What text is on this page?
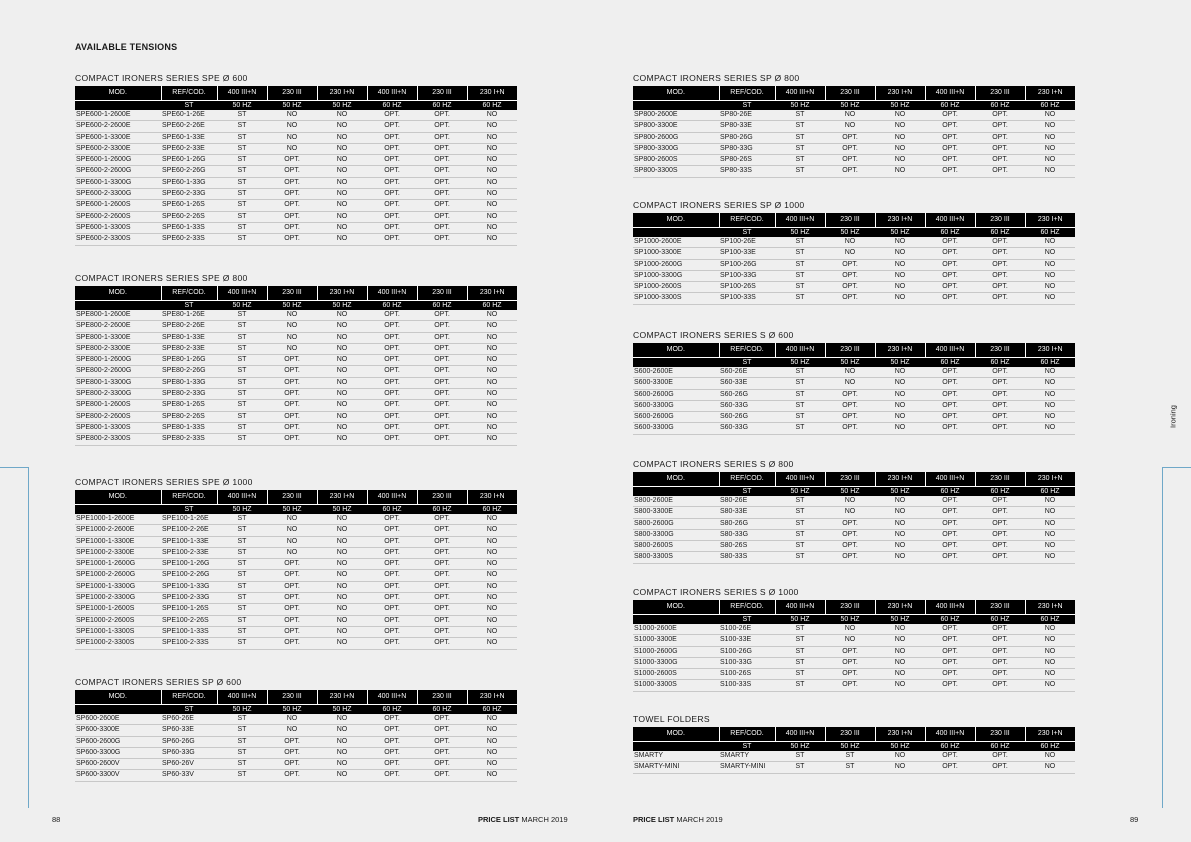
AVAILABLE TENSIONS
COMPACT IRONERS SERIES SPE Ø 600
MOD.	REF/COD.	400 III+N	230 III	230 I+N	400 III+N	230 III	230 I+N
	ST	50 HZ	50 HZ	50 HZ	60 HZ	60 HZ	60 HZ
SPE600-1-2600E	SPE60-1-26E	ST	NO	NO	OPT.	OPT.	NO
SPE600-2-2600E	SPE60-2-26E	ST	NO	NO	OPT.	OPT.	NO
SPE600-1-3300E	SPE60-1-33E	ST	NO	NO	OPT.	OPT.	NO
SPE600-2-3300E	SPE60-2-33E	ST	NO	NO	OPT.	OPT.	NO
SPE600-1-2600G	SPE60-1-26G	ST	OPT.	NO	OPT.	OPT.	NO
SPE600-2-2600G	SPE60-2-26G	ST	OPT.	NO	OPT.	OPT.	NO
SPE600-1-3300G	SPE60-1-33G	ST	OPT.	NO	OPT.	OPT.	NO
SPE600-2-3300G	SPE60-2-33G	ST	OPT.	NO	OPT.	OPT.	NO
SPE600-1-2600S	SPE60-1-26S	ST	OPT.	NO	OPT.	OPT.	NO
SPE600-2-2600S	SPE60-2-26S	ST	OPT.	NO	OPT.	OPT.	NO
SPE600-1-3300S	SPE60-1-33S	ST	OPT.	NO	OPT.	OPT.	NO
SPE600-2-3300S	SPE60-2-33S	ST	OPT.	NO	OPT.	OPT.	NO
COMPACT IRONERS SERIES SPE Ø 800
MOD.	REF/COD.	400 III+N	230 III	230 I+N	400 III+N	230 III	230 I+N
	ST	50 HZ	50 HZ	50 HZ	60 HZ	60 HZ	60 HZ
SPE800-1-2600E	SPE80-1-26E	ST	NO	NO	OPT.	OPT.	NO
SPE800-2-2600E	SPE80-2-26E	ST	NO	NO	OPT.	OPT.	NO
SPE800-1-3300E	SPE80-1-33E	ST	NO	NO	OPT.	OPT.	NO
SPE800-2-3300E	SPE80-2-33E	ST	NO	NO	OPT.	OPT.	NO
SPE800-1-2600G	SPE80-1-26G	ST	OPT.	NO	OPT.	OPT.	NO
SPE800-2-2600G	SPE80-2-26G	ST	OPT.	NO	OPT.	OPT.	NO
SPE800-1-3300G	SPE80-1-33G	ST	OPT.	NO	OPT.	OPT.	NO
SPE800-2-3300G	SPE80-2-33G	ST	OPT.	NO	OPT.	OPT.	NO
SPE800-1-2600S	SPE80-1-26S	ST	OPT.	NO	OPT.	OPT.	NO
SPE800-2-2600S	SPE80-2-26S	ST	OPT.	NO	OPT.	OPT.	NO
SPE800-1-3300S	SPE80-1-33S	ST	OPT.	NO	OPT.	OPT.	NO
SPE800-2-3300S	SPE80-2-33S	ST	OPT.	NO	OPT.	OPT.	NO
COMPACT IRONERS SERIES SPE Ø 1000
MOD.	REF/COD.	400 III+N	230 III	230 I+N	400 III+N	230 III	230 I+N
	ST	50 HZ	50 HZ	50 HZ	60 HZ	60 HZ	60 HZ
SPE1000-1-2600E	SPE100-1-26E	ST	NO	NO	OPT.	OPT.	NO
SPE1000-2-2600E	SPE100-2-26E	ST	NO	NO	OPT.	OPT.	NO
SPE1000-1-3300E	SPE100-1-33E	ST	NO	NO	OPT.	OPT.	NO
SPE1000-2-3300E	SPE100-2-33E	ST	NO	NO	OPT.	OPT.	NO
SPE1000-1-2600G	SPE100-1-26G	ST	OPT.	NO	OPT.	OPT.	NO
SPE1000-2-2600G	SPE100-2-26G	ST	OPT.	NO	OPT.	OPT.	NO
SPE1000-1-3300G	SPE100-1-33G	ST	OPT.	NO	OPT.	OPT.	NO
SPE1000-2-3300G	SPE100-2-33G	ST	OPT.	NO	OPT.	OPT.	NO
SPE1000-1-2600S	SPE100-1-26S	ST	OPT.	NO	OPT.	OPT.	NO
SPE1000-2-2600S	SPE100-2-26S	ST	OPT.	NO	OPT.	OPT.	NO
SPE1000-1-3300S	SPE100-1-33S	ST	OPT.	NO	OPT.	OPT.	NO
SPE1000-2-3300S	SPE100-2-33S	ST	OPT.	NO	OPT.	OPT.	NO
COMPACT IRONERS SERIES SP Ø 600
MOD.	REF/COD.	400 III+N	230 III	230 I+N	400 III+N	230 III	230 I+N
	ST	50 HZ	50 HZ	50 HZ	60 HZ	60 HZ	60 HZ
SP600-2600E	SP60-26E	ST	NO	NO	OPT.	OPT.	NO
SP600-3300E	SP60-33E	ST	NO	NO	OPT.	OPT.	NO
SP600-2600G	SP60-26G	ST	OPT.	NO	OPT.	OPT.	NO
SP600-3300G	SP60-33G	ST	OPT.	NO	OPT.	OPT.	NO
SP600-2600V	SP60-26V	ST	OPT.	NO	OPT.	OPT.	NO
SP600-3300V	SP60-33V	ST	OPT.	NO	OPT.	OPT.	NO
88	PRICE LIST MARCH 2019
COMPACT IRONERS SERIES SP Ø 800
MOD.	REF/COD.	400 III+N	230 III	230 I+N	400 III+N	230 III	230 I+N
	ST	50 HZ	50 HZ	50 HZ	60 HZ	60 HZ	60 HZ
SP800-2600E	SP80-26E	ST	NO	NO	OPT.	OPT.	NO
SP800-3300E	SP80-33E	ST	NO	NO	OPT.	OPT.	NO
SP800-2600G	SP80-26G	ST	OPT.	NO	OPT.	OPT.	NO
SP800-3300G	SP80-33G	ST	OPT.	NO	OPT.	OPT.	NO
SP800-2600S	SP80-26S	ST	OPT.	NO	OPT.	OPT.	NO
SP800-3300S	SP80-33S	ST	OPT.	NO	OPT.	OPT.	NO
COMPACT IRONERS SERIES SP Ø 1000
MOD.	REF/COD.	400 III+N	230 III	230 I+N	400 III+N	230 III	230 I+N
	ST	50 HZ	50 HZ	50 HZ	60 HZ	60 HZ	60 HZ
SP1000-2600E	SP100-26E	ST	NO	NO	OPT.	OPT.	NO
SP1000-3300E	SP100-33E	ST	NO	NO	OPT.	OPT.	NO
SP1000-2600G	SP100-26G	ST	OPT.	NO	OPT.	OPT.	NO
SP1000-3300G	SP100-33G	ST	OPT.	NO	OPT.	OPT.	NO
SP1000-2600S	SP100-26S	ST	OPT.	NO	OPT.	OPT.	NO
SP1000-3300S	SP100-33S	ST	OPT.	NO	OPT.	OPT.	NO
COMPACT IRONERS SERIES S Ø 600
MOD.	REF/COD.	400 III+N	230 III	230 I+N	400 III+N	230 III	230 I+N
	ST	50 HZ	50 HZ	50 HZ	60 HZ	60 HZ	60 HZ
S600-2600E	S60-26E	ST	NO	NO	OPT.	OPT.	NO
S600-3300E	S60-33E	ST	NO	NO	OPT.	OPT.	NO
S600-2600G	S60-26G	ST	OPT.	NO	OPT.	OPT.	NO
S600-3300G	S60-33G	ST	OPT.	NO	OPT.	OPT.	NO
S600-2600G	S60-26G	ST	OPT.	NO	OPT.	OPT.	NO
S600-3300G	S60-33G	ST	OPT.	NO	OPT.	OPT.	NO
COMPACT IRONERS SERIES S Ø 800
MOD.	REF/COD.	400 III+N	230 III	230 I+N	400 III+N	230 III	230 I+N
	ST	50 HZ	50 HZ	50 HZ	60 HZ	60 HZ	60 HZ
S800-2600E	S80-26E	ST	NO	NO	OPT.	OPT.	NO
S800-3300E	S80-33E	ST	NO	NO	OPT.	OPT.	NO
S800-2600G	S80-26G	ST	OPT.	NO	OPT.	OPT.	NO
S800-3300G	S80-33G	ST	OPT.	NO	OPT.	OPT.	NO
S800-2600S	S80-26S	ST	OPT.	NO	OPT.	OPT.	NO
S800-3300S	S80-33S	ST	OPT.	NO	OPT.	OPT.	NO
COMPACT IRONERS SERIES S Ø 1000
MOD.	REF/COD.	400 III+N	230 III	230 I+N	400 III+N	230 III	230 I+N
	ST	50 HZ	50 HZ	50 HZ	60 HZ	60 HZ	60 HZ
S1000-2600E	S100-26E	ST	NO	NO	OPT.	OPT.	NO
S1000-3300E	S100-33E	ST	NO	NO	OPT.	OPT.	NO
S1000-2600G	S100-26G	ST	OPT.	NO	OPT.	OPT.	NO
S1000-3300G	S100-33G	ST	OPT.	NO	OPT.	OPT.	NO
S1000-2600S	S100-26S	ST	OPT.	NO	OPT.	OPT.	NO
S1000-3300S	S100-33S	ST	OPT.	NO	OPT.	OPT.	NO
TOWEL FOLDERS
MOD.	REF/COD.	400 III+N	230 III	230 I+N	400 III+N	230 III	230 I+N
	ST	50 HZ	50 HZ	50 HZ	60 HZ	60 HZ	60 HZ
SMARTY	SMARTY	ST	ST	NO	OPT.	OPT.	NO
SMARTY-MINI	SMARTY-MINI	ST	ST	NO	OPT.	OPT.	NO
Ironing
PRICE LIST MARCH 2019	89
